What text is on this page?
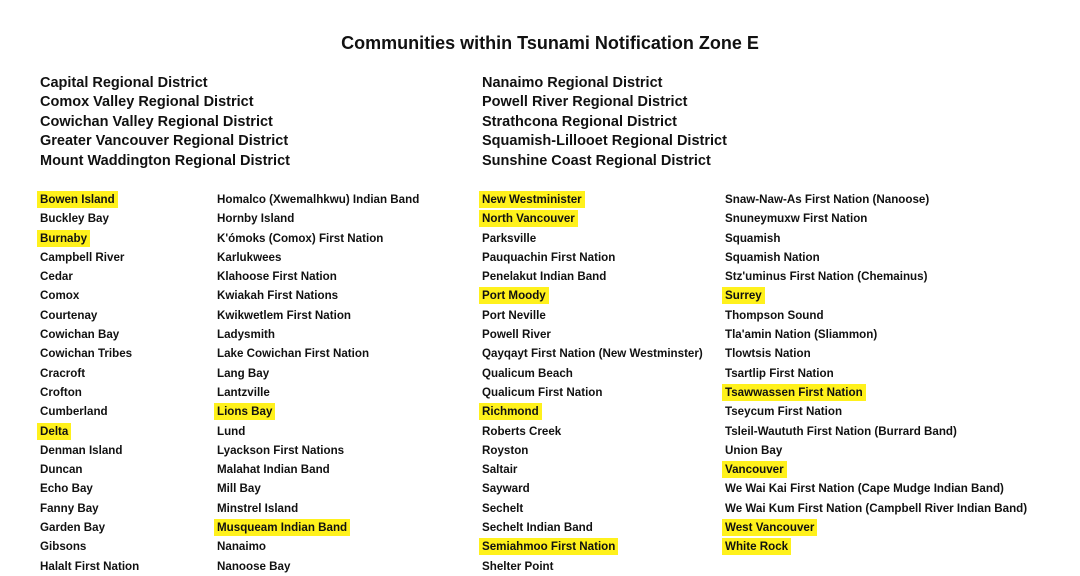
Communities within Tsunami Notification Zone E
Capital Regional District
Comox Valley Regional District
Cowichan Valley Regional District
Greater Vancouver Regional District
Mount Waddington Regional District
Nanaimo Regional District
Powell River Regional District
Strathcona Regional District
Squamish-Lillooet Regional District
Sunshine Coast Regional District
Bowen Island
Buckley Bay
Burnaby
Campbell River
Cedar
Comox
Courtenay
Cowichan Bay
Cowichan Tribes
Cracroft
Crofton
Cumberland
Delta
Denman Island
Duncan
Echo Bay
Fanny Bay
Garden Bay
Gibsons
Halalt First Nation
Homalco (Xwemalhkwu) Indian Band
Hornby Island
K'ómoks (Comox) First Nation
Karlukwees
Klahoose First Nation
Kwiakah First Nations
Kwikwetlem First Nation
Ladysmith
Lake Cowichan First Nation
Lang Bay
Lantzville
Lions Bay
Lund
Lyackson First Nations
Malahat Indian Band
Mill Bay
Minstrel Island
Musqueam Indian Band
Nanaimo
Nanoose Bay
New Westminister
North Vancouver
Parksville
Pauquachin First Nation
Penelakut Indian Band
Port Moody
Port Neville
Powell River
Qayqayt First Nation (New Westminster)
Qualicum Beach
Qualicum First Nation
Richmond
Roberts Creek
Royston
Saltair
Sayward
Sechelt
Sechelt Indian Band
Semiahmoo First Nation
Shelter Point
Snaw-Naw-As First Nation (Nanoose)
Snuneymuxw First Nation
Squamish
Squamish Nation
Stz'uminus First Nation (Chemainus)
Surrey
Thompson Sound
Tla'amin Nation (Sliammon)
Tlowtsis Nation
Tsartlip First Nation
Tsawwassen First Nation
Tseycum First Nation
Tsleil-Waututh First Nation (Burrard Band)
Union Bay
Vancouver
We Wai Kai First Nation (Cape Mudge Indian Band)
We Wai Kum First Nation (Campbell River Indian Band)
West Vancouver
White Rock
